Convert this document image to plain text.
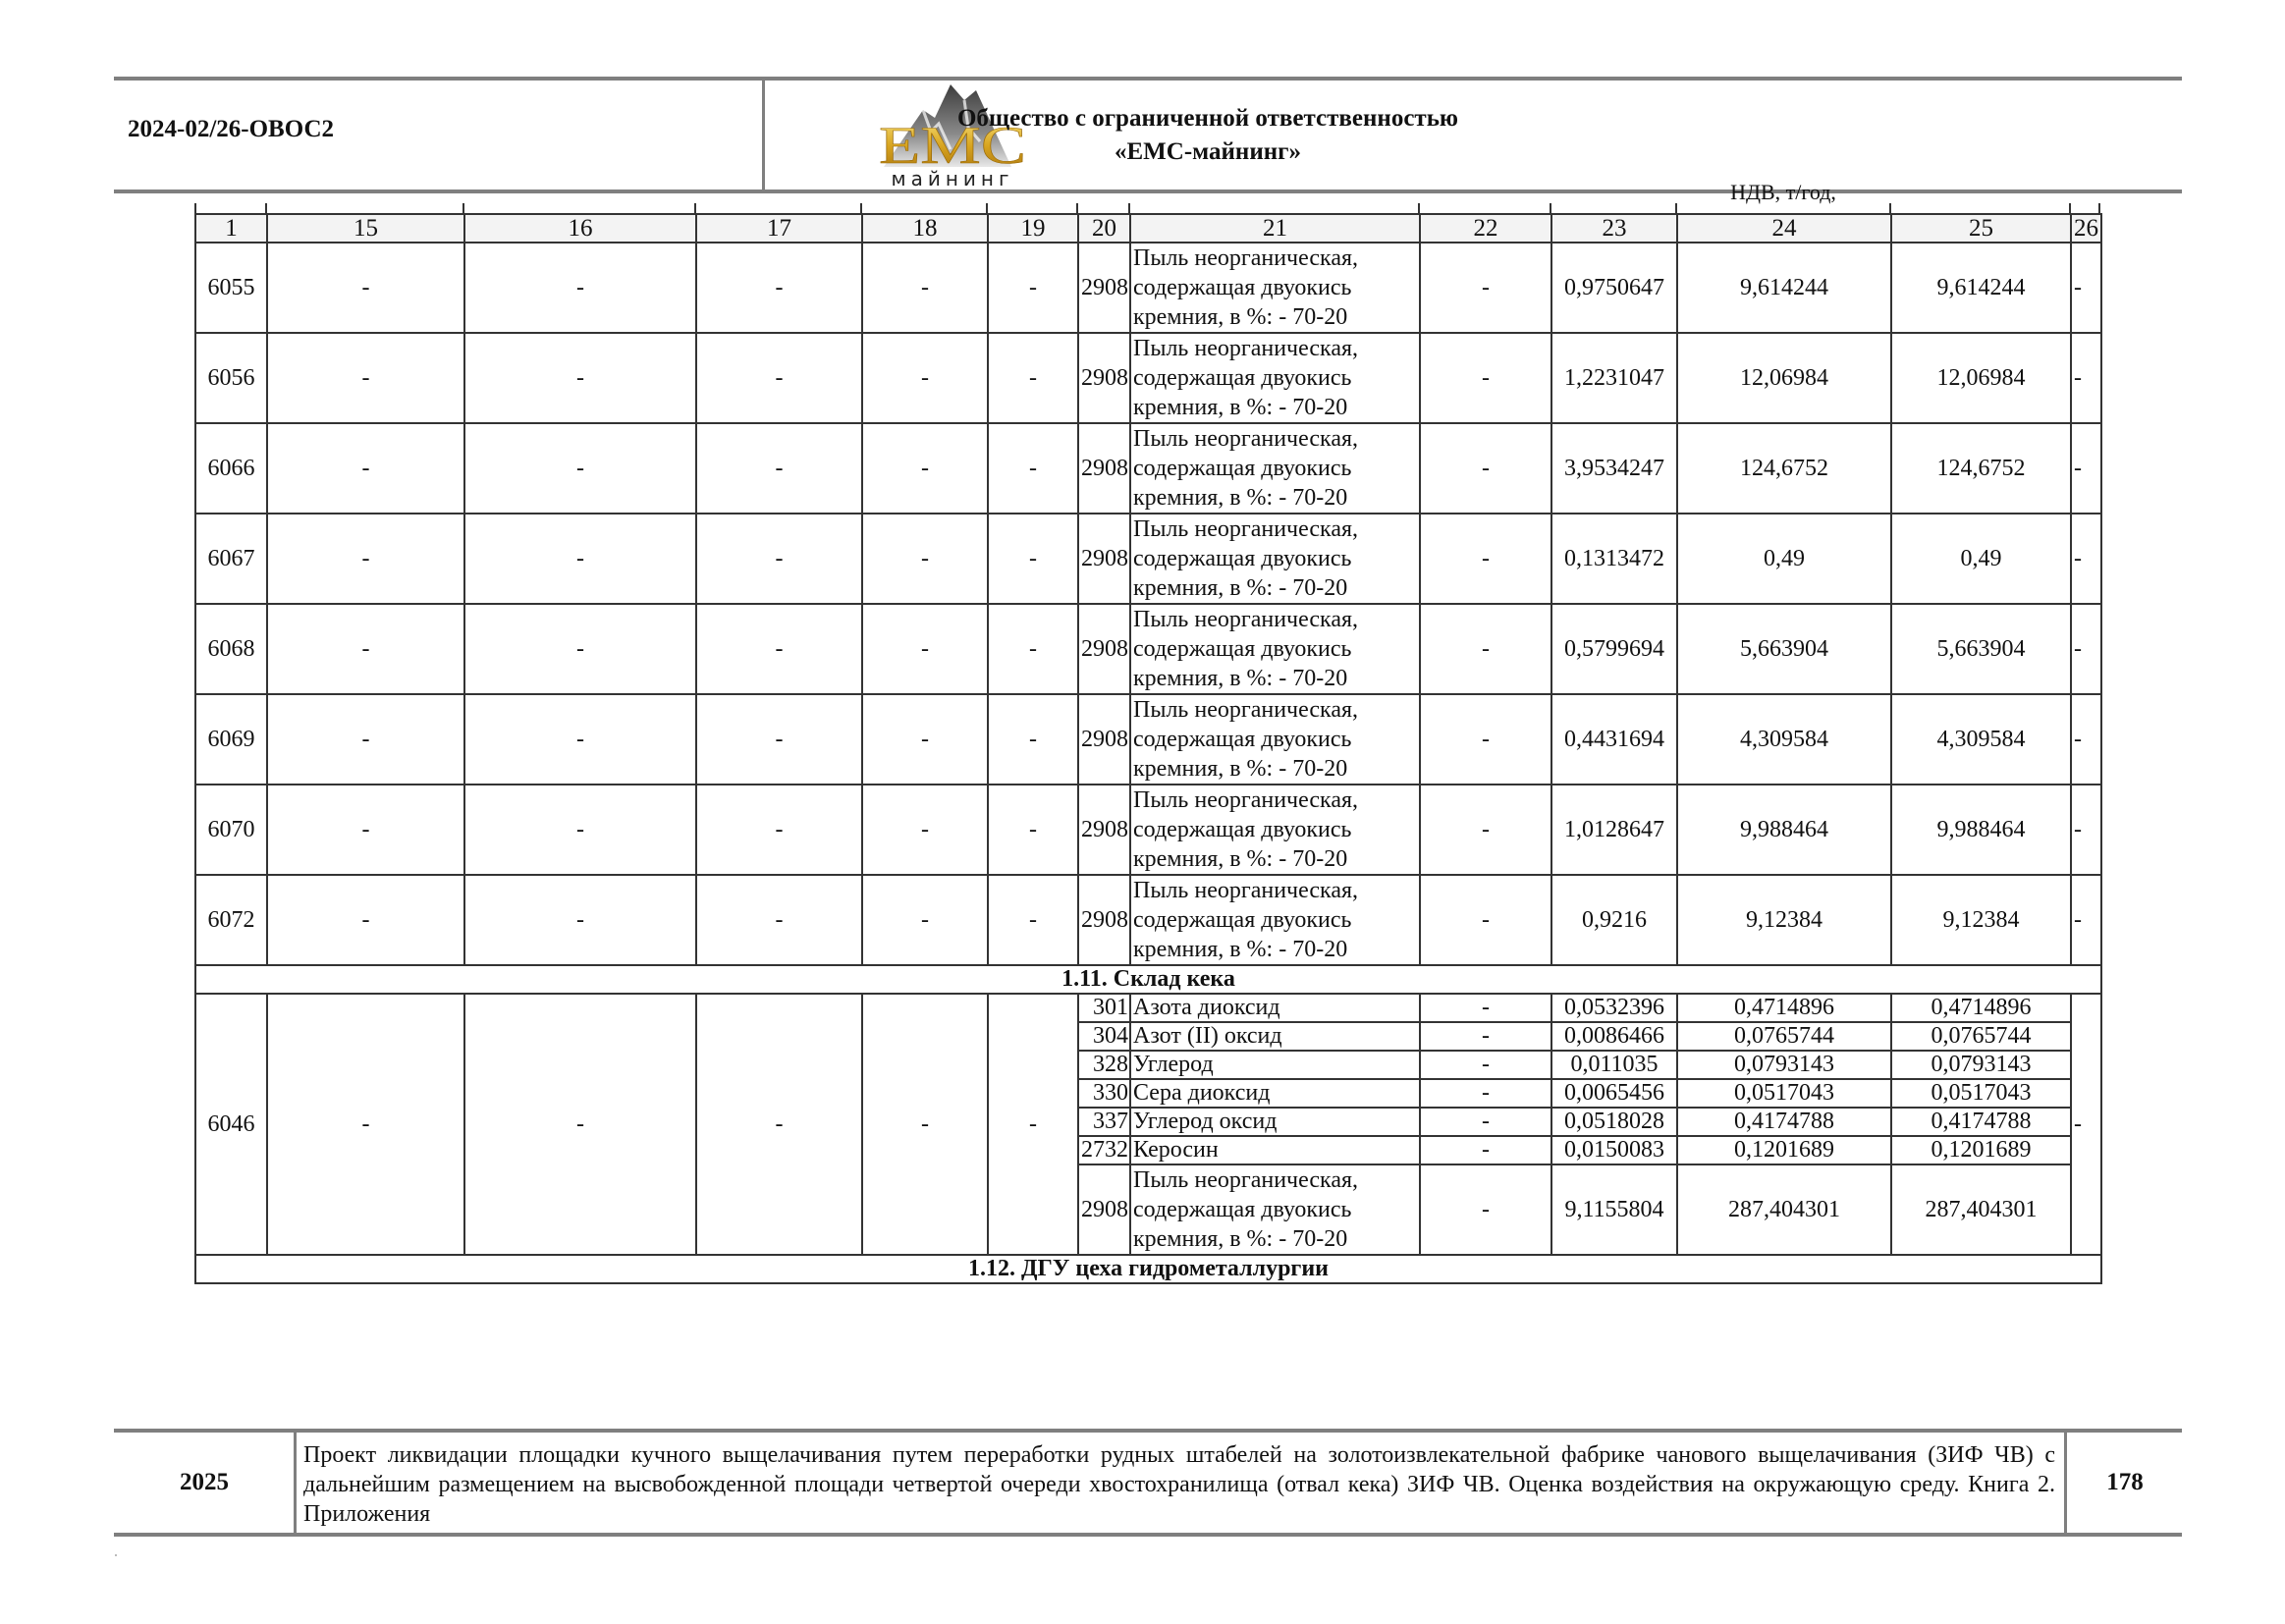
2024-02/26-ОВОС2	ЕМС
майнинг
Общество с ограниченной ответственностью
«ЕМС-майнинг»
НДВ, т/год,
1	15	16	17	18	19	20	21	22	23	24	25	26
6055	-	-	-	-	-	2908	Пыль неорганическая, содержащая двуокись кремния, в %: - 70-20	-	0,9750647	9,614244	9,614244	-
6056	-	-	-	-	-	2908	Пыль неорганическая, содержащая двуокись кремния, в %: - 70-20	-	1,2231047	12,06984	12,06984	-
6066	-	-	-	-	-	2908	Пыль неорганическая, содержащая двуокись кремния, в %: - 70-20	-	3,9534247	124,6752	124,6752	-
6067	-	-	-	-	-	2908	Пыль неорганическая, содержащая двуокись кремния, в %: - 70-20	-	0,1313472	0,49	0,49	-
6068	-	-	-	-	-	2908	Пыль неорганическая, содержащая двуокись кремния, в %: - 70-20	-	0,5799694	5,663904	5,663904	-
6069	-	-	-	-	-	2908	Пыль неорганическая, содержащая двуокись кремния, в %: - 70-20	-	0,4431694	4,309584	4,309584	-
6070	-	-	-	-	-	2908	Пыль неорганическая, содержащая двуокись кремния, в %: - 70-20	-	1,0128647	9,988464	9,988464	-
6072	-	-	-	-	-	2908	Пыль неорганическая, содержащая двуокись кремния, в %: - 70-20	-	0,9216	9,12384	9,12384	-
1.11. Склад кека												
6046	-	-	-	-	-	301	Азота диоксид	-	0,0532396	0,4714896	0,4714896	-
						304	Азот (II) оксид	-	0,0086466	0,0765744	0,0765744	
						328	Углерод	-	0,011035	0,0793143	0,0793143	
						330	Сера диоксид	-	0,0065456	0,0517043	0,0517043	
						337	Углерод оксид	-	0,0518028	0,4174788	0,4174788	
						2732	Керосин	-	0,0150083	0,1201689	0,1201689	
						2908	Пыль неорганическая, содержащая двуокись кремния, в %: - 70-20	-	9,1155804	287,404301	287,404301	
1.12. ДГУ цеха гидрометаллургии												
2025
Проект ликвидации площадки кучного выщелачивания путем переработки рудных штабелей на золотоизвлекательной фабрике чанового выщелачивания (ЗИФ ЧВ) с дальнейшим размещением на высвобожденной площади четвертой очереди хвостохранилища (отвал кека) ЗИФ ЧВ. Оценка воздействия на окружающую среду. Книга 2. Приложения
178
